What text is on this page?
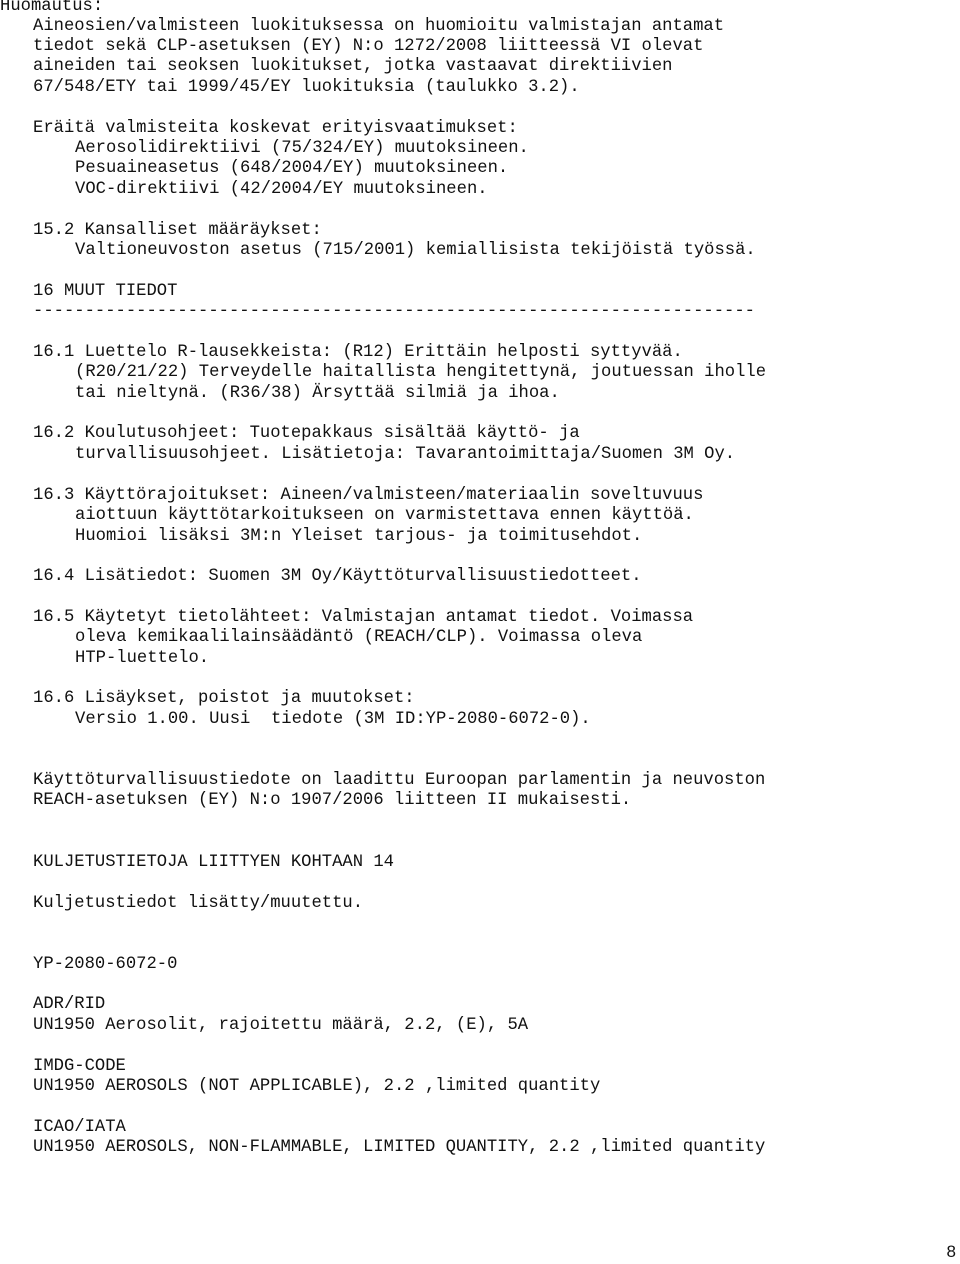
Huomautus:
Aineosien/valmisteen luokituksessa on huomioitu valmistajan antamat
tiedot sekä CLP-asetuksen (EY) N:o 1272/2008 liitteessä VI olevat
aineiden tai seoksen luokitukset, jotka vastaavat direktiivien
67/548/ETY tai 1999/45/EY luokituksia (taulukko 3.2).
Eräitä valmisteita koskevat erityisvaatimukset:
Aerosolidirektiivi (75/324/EY) muutoksineen.
Pesuaineasetus (648/2004/EY) muutoksineen.
VOC-direktiivi (42/2004/EY muutoksineen.
15.2 Kansalliset määräykset:
Valtioneuvoston asetus (715/2001) kemiallisista tekijöistä työssä.
16 MUUT TIEDOT
----------------------------------------------------------------------
16.1 Luettelo R-lausekkeista: (R12) Erittäin helposti syttyvää.
(R20/21/22) Terveydelle haitallista hengitettynä, joutuessan iholle
tai nieltynä. (R36/38) Ärsyttää silmiä ja ihoa.
16.2 Koulutusohjeet: Tuotepakkaus sisältää käyttö- ja
turvallisuusohjeet. Lisätietoja: Tavarantoimittaja/Suomen 3M Oy.
16.3 Käyttörajoitukset: Aineen/valmisteen/materiaalin soveltuvuus
aiottuun käyttötarkoitukseen on varmistettava ennen käyttöä.
Huomioi lisäksi 3M:n Yleiset tarjous- ja toimitusehdot.
16.4 Lisätiedot: Suomen 3M Oy/Käyttöturvallisuustiedotteet.
16.5 Käytetyt tietolähteet: Valmistajan antamat tiedot. Voimassa
oleva kemikaalilainsäädäntö (REACH/CLP). Voimassa oleva
HTP-luettelo.
16.6 Lisäykset, poistot ja muutokset:
Versio 1.00. Uusi  tiedote (3M ID:YP-2080-6072-0).
Käyttöturvallisuustiedote on laadittu Euroopan parlamentin ja neuvoston
REACH-asetuksen (EY) N:o 1907/2006 liitteen II mukaisesti.
KULJETUSTIETOJA LIITTYEN KOHTAAN 14
Kuljetustiedot lisätty/muutettu.
YP-2080-6072-0
ADR/RID
UN1950 Aerosolit, rajoitettu määrä, 2.2, (E), 5A
IMDG-CODE
UN1950 AEROSOLS (NOT APPLICABLE), 2.2 ,limited quantity
ICAO/IATA
UN1950 AEROSOLS, NON-FLAMMABLE, LIMITED QUANTITY, 2.2 ,limited quantity
8
